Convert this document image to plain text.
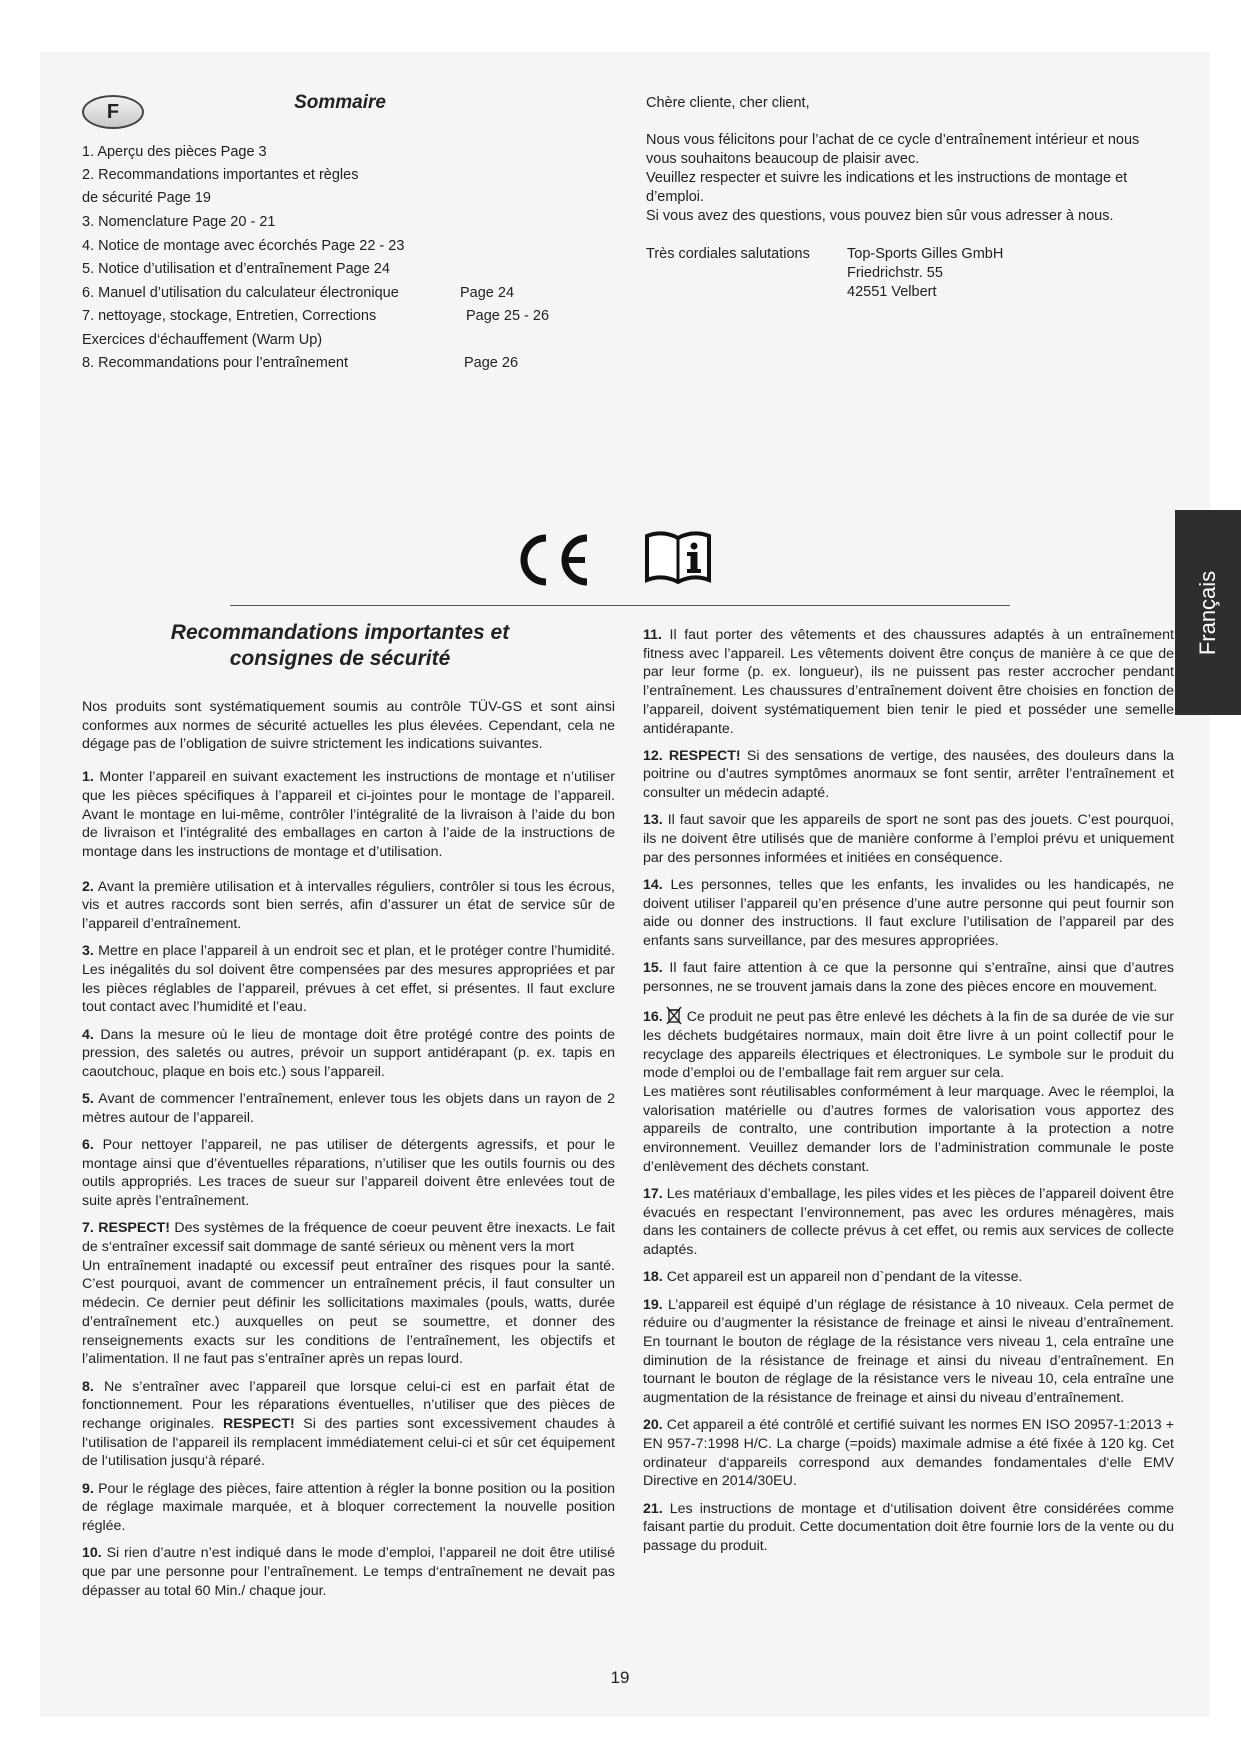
F	Sommaire
1. Aperçu des pièces Page 3
2. Recommandations importantes et règles
de sécurité Page 19
3. Nomenclature Page 20 - 21
4. Notice de montage avec écorchés Page 22 - 23
5. Notice d’utilisation et d’entraînement Page 24
6. Manuel d’utilisation du calculateur électronique	Page 24
7. nettoyage, stockage, Entretien, Corrections	Page 25 - 26
Exercices d‘échauffement (Warm Up)
8. Recommandations pour l’entraînement	Page 26

Chère cliente, cher client,

Nous vous félicitons pour l’achat de ce cycle d’entraînement intérieur et nous vous souhaitons beaucoup de plaisir avec.

Veuillez respecter et suivre les indications et les instructions de montage et d’emploi.

Si vous avez des questions, vous pouvez bien sûr vous adresser à nous.

Très cordiales salutations	Top-Sports Gilles GmbH
Friedrichstr. 55
42551 Velbert
Français
Recommandations importantes et
consignes de sécurité

Nos produits sont systématiquement soumis au contrôle TÜV-GS et sont ainsi conformes aux normes de sécurité actuelles les plus élevées. Cependant, cela ne dégage pas de l’obligation de suivre strictement les indications suivantes.

1. Monter l’appareil en suivant exactement les instructions de montage et n’utiliser que les pièces spécifiques à l’appareil et ci-jointes pour le montage de l’appareil. Avant le montage en lui-même, contrôler l’intégralité de la livraison à l’aide du bon de livraison et l’intégralité des emballages en carton à l’aide de la instructions de montage dans les instructions de montage et d’utilisation.

2. Avant la première utilisation et à intervalles réguliers, contrôler si tous les écrous, vis et autres raccords sont bien serrés, afin d’assurer un état de service sûr de l’appareil d’entraînement.

3. Mettre en place l’appareil à un endroit sec et plan, et le protéger contre l’humidité. Les inégalités du sol doivent être compensées par des mesures appropriées et par les pièces réglables de l’appareil, prévues à cet effet, si présentes. Il faut exclure tout contact avec l’humidité et l’eau.

4. Dans la mesure où le lieu de montage doit être protégé contre des points de pression, des saletés ou autres, prévoir un support antidérapant (p. ex. tapis en caoutchouc, plaque en bois etc.) sous l’appareil.

5. Avant de commencer l’entraînement, enlever tous les objets dans un rayon de 2 mètres autour de l’appareil.

6. Pour nettoyer l’appareil, ne pas utiliser de détergents agressifs, et pour le montage ainsi que d’éventuelles réparations, n’utiliser que les outils fournis ou des outils appropriés. Les traces de sueur sur l’appareil doivent être enlevées tout de suite après l’entraînement.

7. RESPECT! Des systèmes de la fréquence de coeur peuvent être inexacts. Le fait de s‘entraîner excessif sait dommage de santé sérieux ou mènent vers la mort

Un entraînement inadapté ou excessif peut entraîner des risques pour la santé. C’est pourquoi, avant de commencer un entraînement précis, il faut consulter un médecin. Ce dernier peut définir les sollicitations maximales (pouls, watts, durée d’entraînement etc.) auxquelles on peut se soumettre, et donner des renseignements exacts sur les conditions de l’entraînement, les objectifs et l’alimentation. Il ne faut pas s’entraîner après un repas lourd.

8. Ne s’entraîner avec l’appareil que lorsque celui-ci est en parfait état de fonctionnement. Pour les réparations éventuelles, n’utiliser que des pièces de rechange originales. RESPECT! Si des parties sont excessivement chaudes à l‘utilisation de l‘appareil ils remplacent immédiatement celui-ci et sûr cet équipement de l‘utilisation jusqu‘à réparé.

9. Pour le réglage des pièces, faire attention à régler la bonne position ou la position de réglage maximale marquée, et à bloquer correctement la nouvelle position réglée.

10. Si rien d’autre n’est indiqué dans le mode d’emploi, l’appareil ne doit être utilisé que par une personne pour l’entraînement. Le temps d‘entraînement ne devait pas dépasser au total 60 Min./ chaque jour.

11. Il faut porter des vêtements et des chaussures adaptés à un entraînement fitness avec l’appareil. Les vêtements doivent être conçus de manière à ce que de par leur forme (p. ex. longueur), ils ne puissent pas rester accrocher pendant l’entraînement. Les chaussures d’entraînement doivent être choisies en fonction de l’appareil, doivent systématiquement bien tenir le pied et posséder une semelle antidérapante.

12. RESPECT! Si des sensations de vertige, des nausées, des douleurs dans la poitrine ou d’autres symptômes anormaux se font sentir, arrêter l’entraînement et consulter un médecin adapté.

13. Il faut savoir que les appareils de sport ne sont pas des jouets. C’est pourquoi, ils ne doivent être utilisés que de manière conforme à l’emploi prévu et uniquement par des personnes informées et initiées en conséquence.

14. Les personnes, telles que les enfants, les invalides ou les handicapés, ne doivent utiliser l’appareil qu’en présence d’une autre personne qui peut fournir son aide ou donner des instructions. Il faut exclure l’utilisation de l’appareil par des enfants sans surveillance, par des mesures appropriées.

15. Il faut faire attention à ce que la personne qui s’entraîne, ainsi que d’autres personnes, ne se trouvent jamais dans la zone des pièces encore en mouvement.

16. Ce produit ne peut pas être enlevé les déchets à la fin de sa durée de vie sur les déchets budgétaires normaux, main doit être livre à un point collectif pour le recyclage des appareils électriques et électroniques. Le symbole sur le produit du mode d’emploi ou de l’emballage fait rem arguer sur cela.

Les matières sont réutilisables conformément à leur marquage. Avec le réemploi, la valorisation matérielle ou d’autres formes de valorisation vous apportez des appareils de contralto, une contribution importante à la protection a notre environnement. Veuillez demander lors de l’administration communale le poste d’enlèvement des déchets constant.

17. Les matériaux d’emballage, les piles vides et les pièces de l’appareil doivent être évacués en respectant l’environnement, pas avec les ordures ménagères, mais dans les containers de collecte prévus à cet effet, ou remis aux services de collecte adaptés.

18. Cet appareil est un appareil non d`pendant de la vitesse.

19. L’appareil est équipé d’un réglage de résistance à 10 niveaux. Cela permet de réduire ou d’augmenter la résistance de freinage et ainsi le niveau d’entraînement. En tournant le bouton de réglage de la résistance vers niveau 1, cela entraîne une diminution de la résistance de freinage et ainsi du niveau d’entraînement. En tournant le bouton de réglage de la résistance vers le niveau 10, cela entraîne une augmentation de la résistance de freinage et ainsi du niveau d’entraînement.

20. Cet appareil a été contrôlé et certifié suivant les normes EN ISO 20957-1:2013 + EN 957-7:1998 H/C. La charge (=poids) maximale admise a été fixée à 120 kg. Cet ordinateur d‘appareils correspond aux demandes fondamentales d‘elle EMV Directive en 2014/30EU.

21. Les instructions de montage et d‘utilisation doivent être considérées comme faisant partie du produit. Cette documentation doit être fournie lors de la vente ou du passage du produit.

19
